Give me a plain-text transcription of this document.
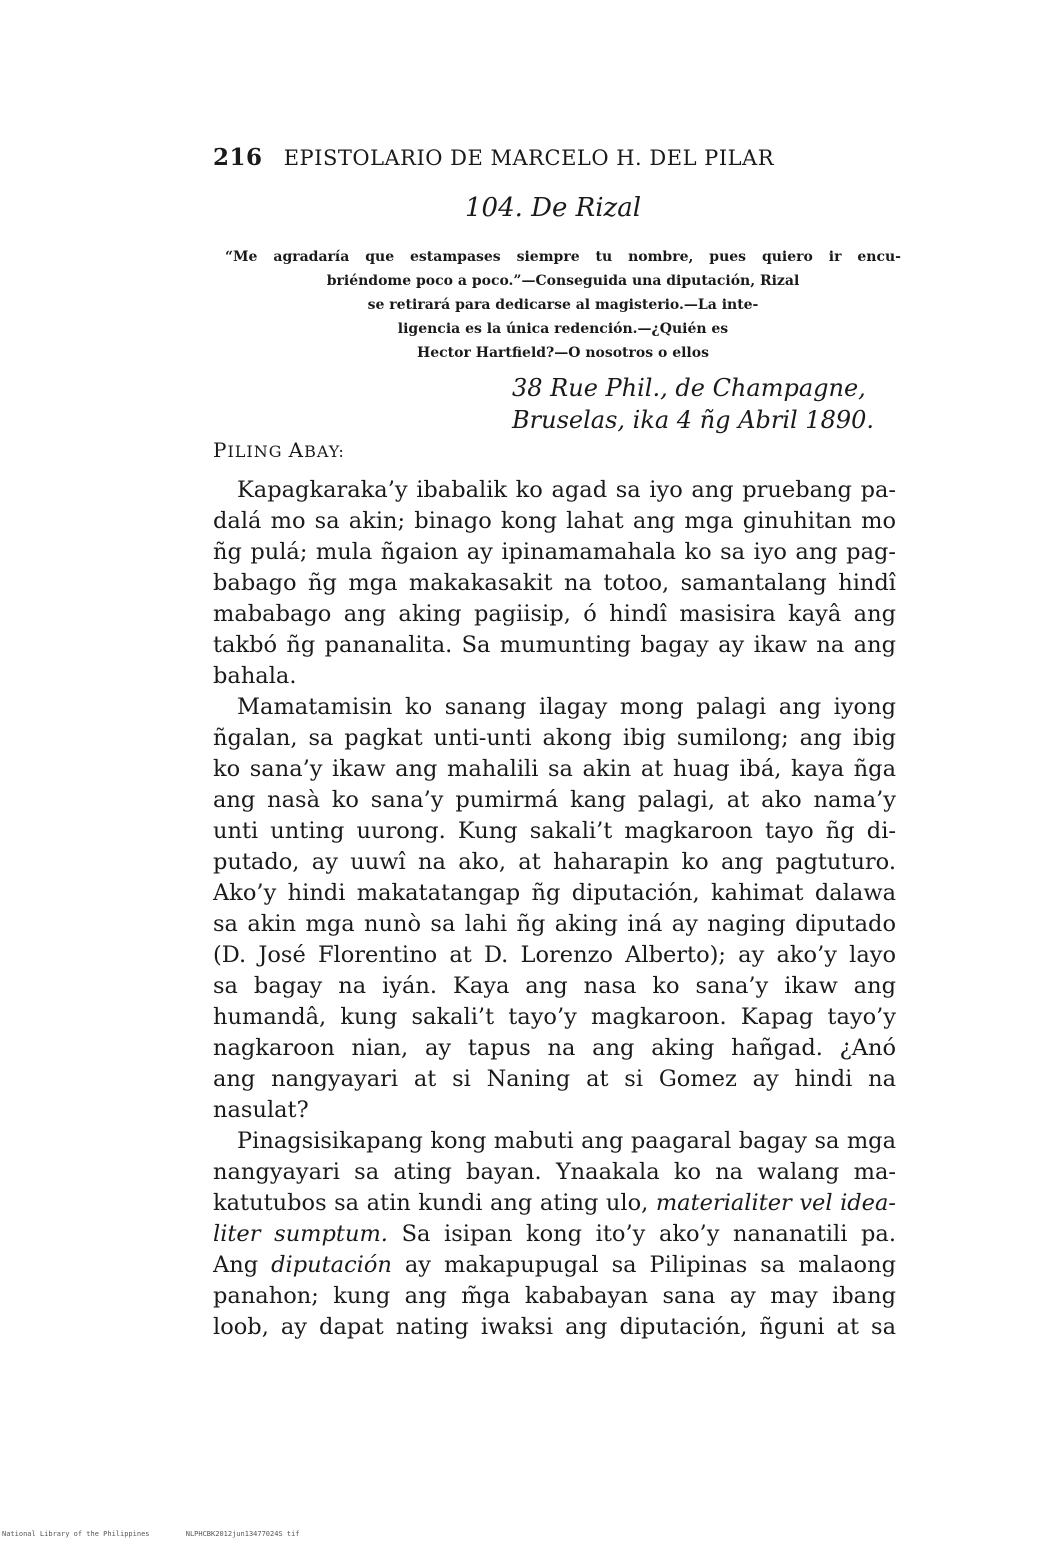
216 EPISTOLARIO DE MARCELO H. DEL PILAR
104. De Rizal
“Me agradaría que estampases siempre tu nombre, pues quiero ir encu-
briéndome poco a poco.”—Conseguida una diputación, Rizal
se retirará para dedicarse al magisterio.—La inte-
ligencia es la única redención.—¿Quién es
Hector Hartfield?—O nosotros o ellos
38 Rue Phil., de Champagne,
Bruselas, ika 4 ñg Abril 1890.
PILING ABAY:
Kapagkaraka’y ibabalik ko agad sa iyo ang pruebang pa-
dalá mo sa akin; binago kong lahat ang mga ginuhitan mo
ñg pulá; mula ñgaion ay ipinamamahala ko sa iyo ang pag-
babago ñg mga makakasakit na totoo, samantalang hindî
mababago ang aking pagiisip, ó hindî masisira kayâ ang
takbó ñg pananalita. Sa mumunting bagay ay ikaw na ang
bahala.
Mamatamisin ko sanang ilagay mong palagi ang iyong
ñgalan, sa pagkat unti-unti akong ibig sumilong; ang ibig
ko sana’y ikaw ang mahalili sa akin at huag ibá, kaya ñga
ang nasà ko sana’y pumirmá kang palagi, at ako nama’y
unti unting uurong. Kung sakali’t magkaroon tayo ñg di-
putado, ay uuwî na ako, at haharapin ko ang pagtuturo.
Ako’y hindi makatatangap ñg diputación, kahimat dalawa
sa akin mga nunò sa lahi ñg aking iná ay naging diputado
(D. José Florentino at D. Lorenzo Alberto); ay ako’y layo
sa bagay na iyán. Kaya ang nasa ko sana’y ikaw ang
humandâ, kung sakali’t tayo’y magkaroon. Kapag tayo’y
nagkaroon nian, ay tapus na ang aking hañgad. ¿Anó
ang nangyayari at si Naning at si Gomez ay hindi na
nasulat?
Pinagsisikapang kong mabuti ang paagaral bagay sa mga
nangyayari sa ating bayan. Ynaakala ko na walang ma-
katutubos sa atin kundi ang ating ulo, materialiter vel idea-
liter sumptum. Sa isipan kong ito’y ako’y nananatili pa.
Ang diputación ay makapupugal sa Pilipinas sa malaong
panahon; kung ang m̃ga kababayan sana ay may ibang
loob, ay dapat nating iwaksi ang diputación, ñguni at sa
National Library of the Philippines	NLPHCBK2012jun13477024S tif
